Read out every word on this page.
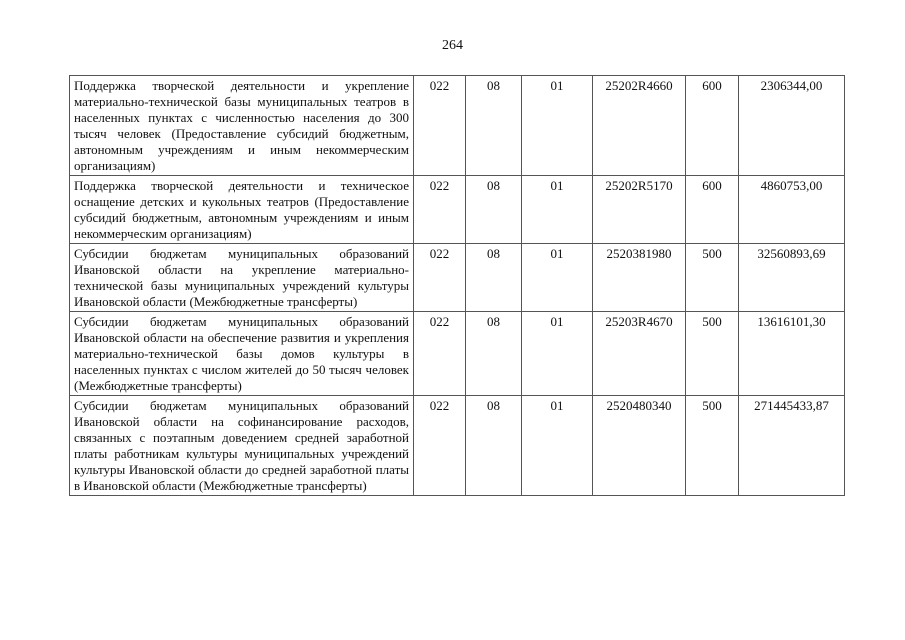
264
Поддержка творческой деятельности и укрепление материально-технической базы муниципальных театров в населенных пунктах с численностью населения до 300 тысяч человек (Предоставление субсидий бюджетным, автономным учреждениям и иным некоммерческим организациям)	022	08	01	25202R4660	600	2306344,00
Поддержка творческой деятельности и техническое оснащение детских и кукольных театров (Предоставление субсидий бюджетным, автономным учреждениям и иным некоммерческим организациям)	022	08	01	25202R5170	600	4860753,00
Субсидии бюджетам муниципальных образований Ивановской области на укрепление материально-технической базы муниципальных учреждений культуры Ивановской области (Межбюджетные трансферты)	022	08	01	2520381980	500	32560893,69
Субсидии бюджетам муниципальных образований Ивановской области на обеспечение развития и укрепления материально-технической базы домов культуры в населенных пунктах с числом жителей до 50 тысяч человек (Межбюджетные трансферты)	022	08	01	25203R4670	500	13616101,30
Субсидии бюджетам муниципальных образований Ивановской области на софинансирование расходов, связанных с поэтапным доведением средней заработной платы работникам культуры муниципальных учреждений культуры Ивановской области до средней заработной платы в Ивановской области (Межбюджетные трансферты)	022	08	01	2520480340	500	271445433,87
